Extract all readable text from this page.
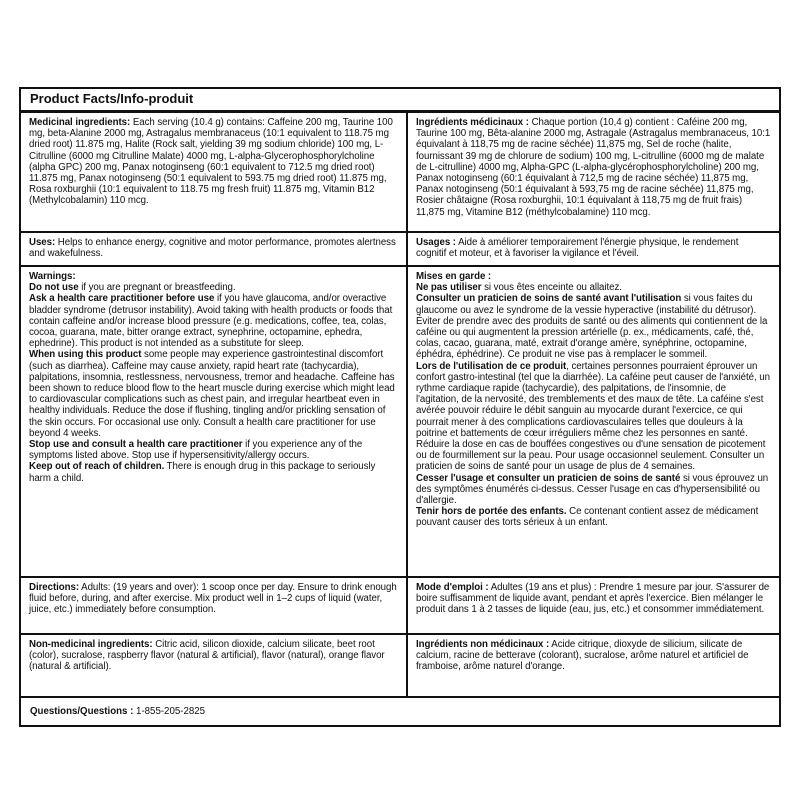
Product Facts/Info-produit

Medicinal ingredients: Each serving (10.4 g) contains: Caffeine 200 mg, Taurine 100 mg, beta-Alanine 2000 mg, Astragalus membranaceus (10:1 equivalent to 118.75 mg dried root) 11.875 mg, Halite (Rock salt, yielding 39 mg sodium chloride) 100 mg, L-Citrulline (6000 mg Citrulline Malate) 4000 mg, L-alpha-Glycerophosphorylcholine (alpha GPC) 200 mg, Panax notoginseng (60:1 equivalent to 712.5 mg dried root) 11.875 mg, Panax notoginseng (50:1 equivalent to 593.75 mg dried root) 11.875 mg, Rosa roxburghii (10:1 equivalent to 118.75 mg fresh fruit) 11.875 mg, Vitamin B12 (Methylcobalamin) 110 mcg.

Ingrédients médicinaux : Chaque portion (10,4 g) contient : Caféine 200 mg, Taurine 100 mg, Bêta-alanine 2000 mg, Astragale (Astragalus membranaceus, 10:1 équivalant à 118,75 mg de racine séchée) 11,875 mg, Sel de roche (halite, fournissant 39 mg de chlorure de sodium) 100 mg, L-citrulline (6000 mg de malate de L-citrulline) 4000 mg, Alpha-GPC (L-alpha-glycérophosphorylcholine) 200 mg, Panax notoginseng (60:1 équivalant à 712,5 mg de racine séchée) 11,875 mg, Panax notoginseng (50:1 équivalant à 593,75 mg de racine séchée) 11,875 mg, Rosier châtaigne (Rosa roxburghii, 10:1 équivalant à 118,75 mg de fruit frais) 11,875 mg, Vitamine B12 (méthylcobalamine) 110 mcg.

Uses: Helps to enhance energy, cognitive and motor performance, promotes alertness and wakefulness.

Usages : Aide à améliorer temporairement l'énergie physique, le rendement cognitif et moteur, et à favoriser la vigilance et l'éveil.

Warnings:

Do not use if you are pregnant or breastfeeding.

Ask a health care practitioner before use if you have glaucoma, and/or overactive bladder syndrome (detrusor instability). Avoid taking with health products or foods that contain caffeine and/or increase blood pressure (e.g. medications, coffee, tea, colas, cocoa, guarana, mate, bitter orange extract, synephrine, octopamine, ephedra, ephedrine). This product is not intended as a substitute for sleep.

When using this product some people may experience gastrointestinal discomfort (such as diarrhea). Caffeine may cause anxiety, rapid heart rate (tachycardia), palpitations, insomnia, restlessness, nervousness, tremor and headache. Caffeine has been shown to reduce blood flow to the heart muscle during exercise which might lead to cardiovascular complications such as chest pain, and irregular heartbeat even in healthy individuals. Reduce the dose if flushing, tingling and/or prickling sensation of the skin occurs. For occasional use only. Consult a health care practitioner for use beyond 4 weeks.

Stop use and consult a health care practitioner if you experience any of the symptoms listed above. Stop use if hypersensitivity/allergy occurs.

Keep out of reach of children. There is enough drug in this package to seriously harm a child.

Mises en garde :

Ne pas utiliser si vous êtes enceinte ou allaitez.

Consulter un praticien de soins de santé avant l'utilisation si vous faites du glaucome ou avez le syndrome de la vessie hyperactive (instabilité du détrusor). Éviter de prendre avec des produits de santé ou des aliments qui contiennent de la caféine ou qui augmentent la pression artérielle (p. ex., médicaments, café, thé, colas, cacao, guarana, maté, extrait d'orange amère, synéphrine, octopamine, éphédra, éphédrine). Ce produit ne vise pas à remplacer le sommeil.

Lors de l'utilisation de ce produit, certaines personnes pourraient éprouver un confort gastro-intestinal (tel que la diarrhée). La caféine peut causer de l'anxiété, un rythme cardiaque rapide (tachycardie), des palpitations, de l'insomnie, de l'agitation, de la nervosité, des tremblements et des maux de tête. La caféine s'est avérée pouvoir réduire le débit sanguin au myocarde durant l'exercice, ce qui pourrait mener à des complications cardiovasculaires telles que douleurs à la poitrine et battements de cœur irréguliers même chez les personnes en santé. Réduire la dose en cas de bouffées congestives ou d'une sensation de picotement ou de fourmillement sur la peau. Pour usage occasionnel seulement. Consulter un praticien de soins de santé pour un usage de plus de 4 semaines.

Cesser l'usage et consulter un praticien de soins de santé si vous éprouvez un des symptômes énumérés ci-dessus. Cesser l'usage en cas d'hypersensibilité ou d'allergie.

Tenir hors de portée des enfants. Ce contenant contient assez de médicament pouvant causer des torts sérieux à un enfant.

Directions: Adults: (19 years and over): 1 scoop once per day. Ensure to drink enough fluid before, during, and after exercise. Mix product well in 1–2 cups of liquid (water, juice, etc.) immediately before consumption.

Mode d'emploi : Adultes (19 ans et plus) : Prendre 1 mesure par jour. S'assurer de boire suffisamment de liquide avant, pendant et après l'exercice. Bien mélanger le produit dans 1 à 2 tasses de liquide (eau, jus, etc.) et consommer immédiatement.

Non-medicinal ingredients: Citric acid, silicon dioxide, calcium silicate, beet root (color), sucralose, raspberry flavor (natural & artificial), flavor (natural), orange flavor (natural & artificial).

Ingrédients non médicinaux : Acide citrique, dioxyde de silicium, silicate de calcium, racine de betterave (colorant), sucralose, arôme naturel et artificiel de framboise, arôme naturel d'orange.

Questions/Questions : 1-855-205-2825
